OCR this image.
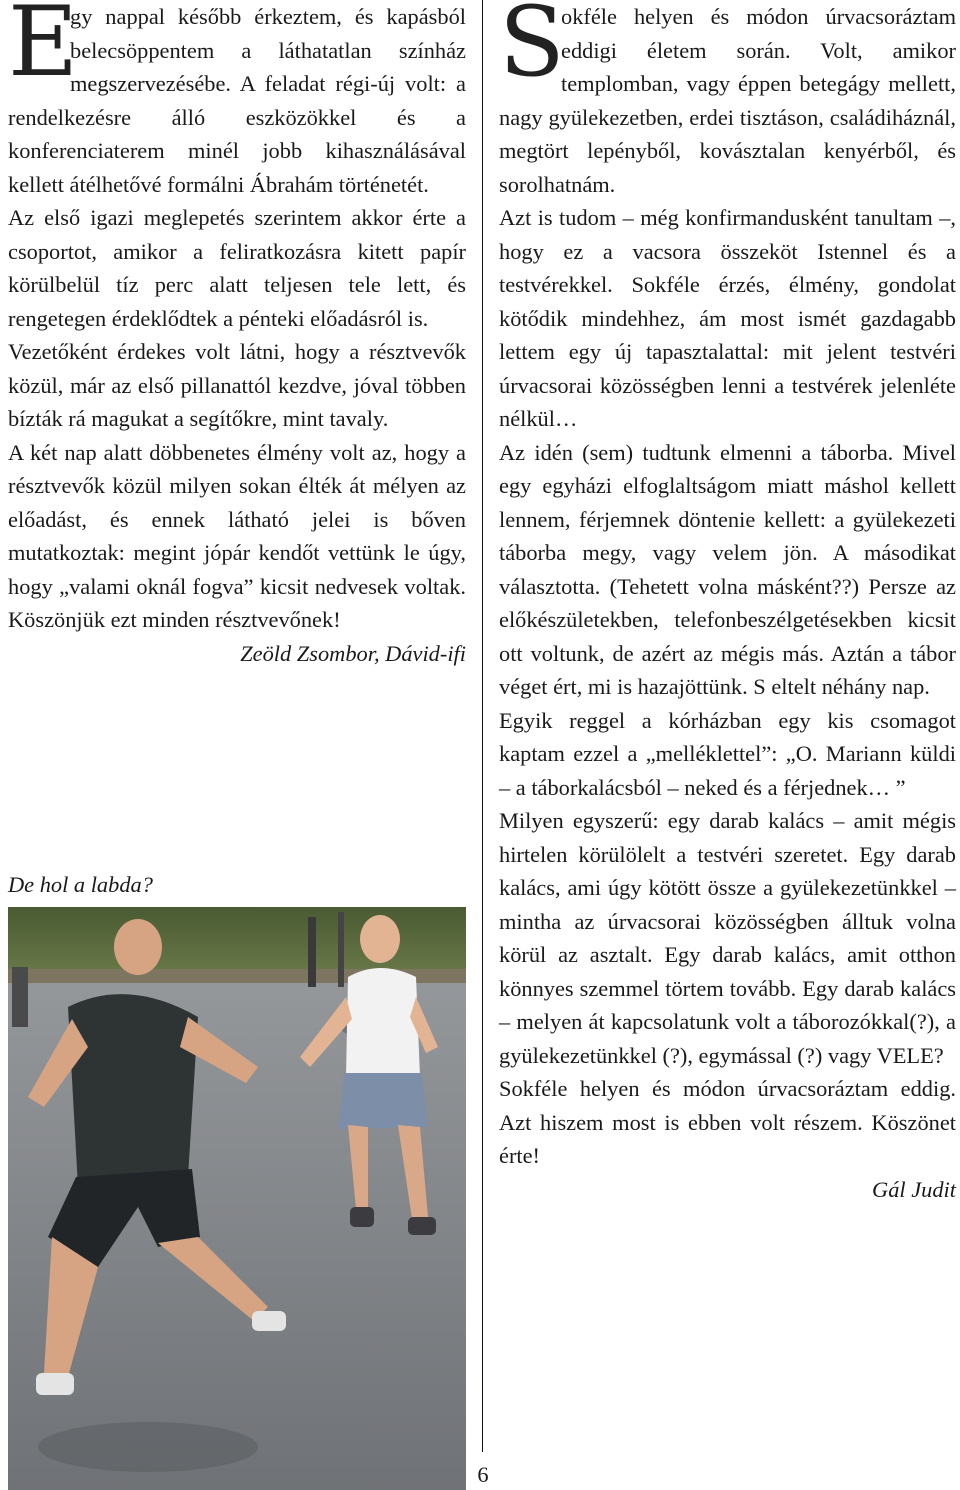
E

gy nappal később érkeztem, és kapásból belecsöppentem a láthatatlan színház megszervezésébe. A feladat régi-új volt: a rendelkezésre álló eszközökkel és a konferenciaterem minél jobb kihasználásával kellett átélhetővé formálni Ábrahám történetét.

Az első igazi meglepetés szerintem akkor érte a csoportot, amikor a feliratkozásra kitett papír körülbelül tíz perc alatt teljesen tele lett, és rengetegen érdeklődtek a pénteki előadásról is.

Vezetőként érdekes volt látni, hogy a résztvevők közül, már az első pillanattól kezdve, jóval többen bízták rá magukat a segítőkre, mint tavaly.

A két nap alatt döbbenetes élmény volt az, hogy a résztvevők közül milyen sokan élték át mélyen az előadást, és ennek látható jelei is bőven mutatkoztak: megint jópár kendőt vettünk le úgy, hogy „valami oknál fogva” kicsit nedvesek voltak. Köszönjük ezt minden résztvevőnek!

Zeöld Zsombor, Dávid-ifi

De hol a labda?
S

okféle helyen és módon úrvacsoráztam eddigi életem során. Volt, amikor templomban, vagy éppen betegágy mellett, nagy gyülekezetben, erdei tisztáson, családiháznál, megtört lepényből, kovásztalan kenyérből, és sorolhatnám.

Azt is tudom – még konfirmandusként tanultam –, hogy ez a vacsora összeköt Istennel és a testvérekkel. Sokféle érzés, élmény, gondolat kötődik mindehhez, ám most ismét gazdagabb lettem egy új tapasztalattal: mit jelent testvéri úrvacsorai közösségben lenni a testvérek jelenléte nélkül…

Az idén (sem) tudtunk elmenni a táborba. Mivel egy egyházi elfoglaltságom miatt máshol kellett lennem, férjemnek döntenie kellett: a gyülekezeti táborba megy, vagy velem jön. A másodikat választotta. (Tehetett volna másként??) Persze az előkészületekben, telefonbeszélgetésekben kicsit ott voltunk, de azért az mégis más. Aztán a tábor véget ért, mi is hazajöttünk. S eltelt néhány nap.

Egyik reggel a kórházban egy kis csomagot kaptam ezzel a „melléklettel”: „O. Mariann küldi – a táborkalácsból – neked és a férjednek… ”

Milyen egyszerű: egy darab kalács – amit mégis hirtelen körülölelt a testvéri szeretet. Egy darab kalács, ami úgy kötött össze a gyülekezetünkkel – mintha az úrvacsorai közösségben álltuk volna körül az asztalt. Egy darab kalács, amit otthon könnyes szemmel törtem tovább. Egy darab kalács – melyen át kapcsolatunk volt a táborozókkal(?), a gyülekezetünkkel (?), egymással (?) vagy VELE?

Sokféle helyen és módon úrvacsoráztam eddig. Azt hiszem most is ebben volt részem. Köszönet érte!

Gál Judit

6
